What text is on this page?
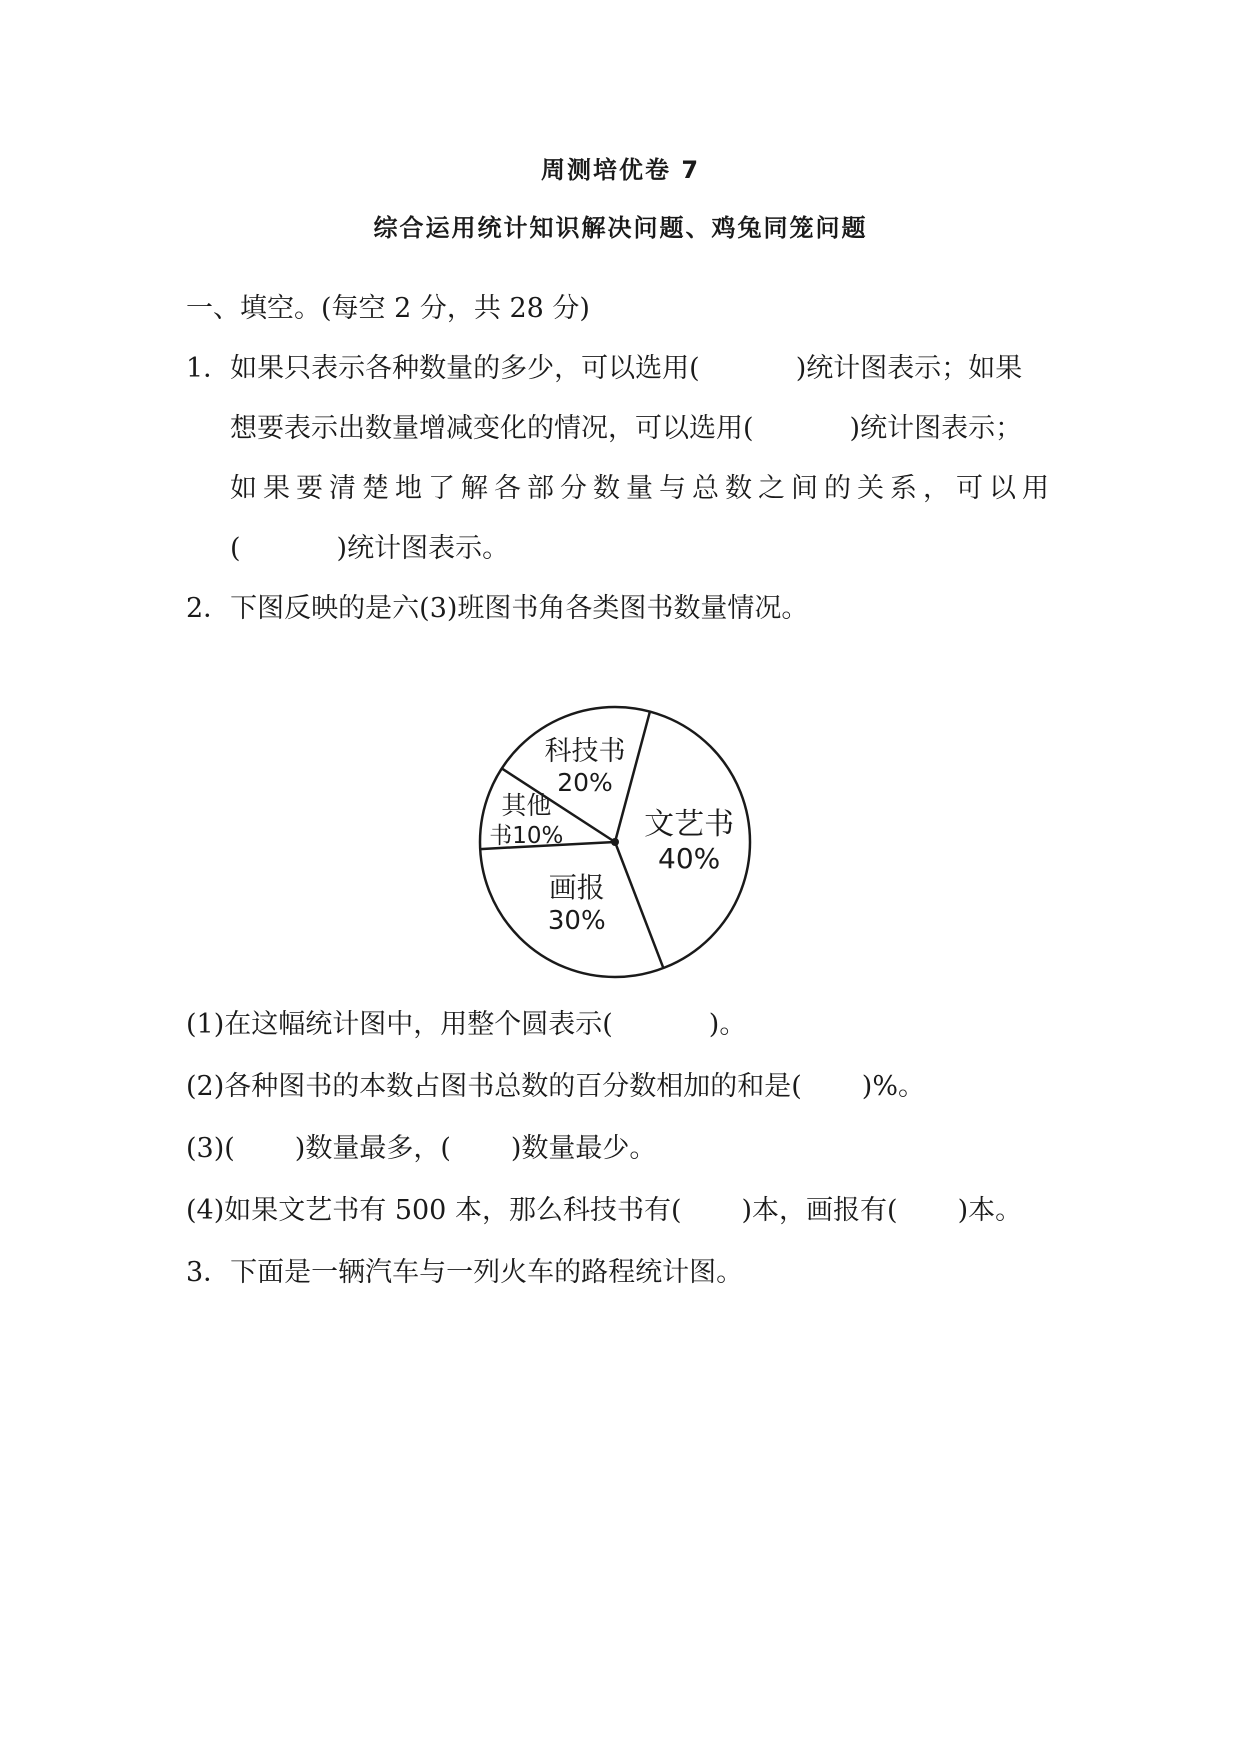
周测培优卷 7
综合运用统计知识解决问题、鸡兔同笼问题
一、填空。(每空 2 分，共 28 分)
1．如果只表示各种数量的多少，可以选用(	)统计图表示；如果
想要表示出数量增减变化的情况，可以选用(	)统计图表示；
如果要清楚地了解各部分数量与总数之间的关系，可以用
(	)统计图表示。
2．下图反映的是六(3)班图书角各类图书数量情况。
文艺书
40%
画报
30%
其他
书10%
科技书
20%
(1)在这幅统计图中，用整个圆表示(	)。
(2)各种图书的本数占图书总数的百分数相加的和是( )%。
(3)( )数量最多，( )数量最少。
(4)如果文艺书有 500 本，那么科技书有( )本，画报有( )本。
3．下面是一辆汽车与一列火车的路程统计图。
